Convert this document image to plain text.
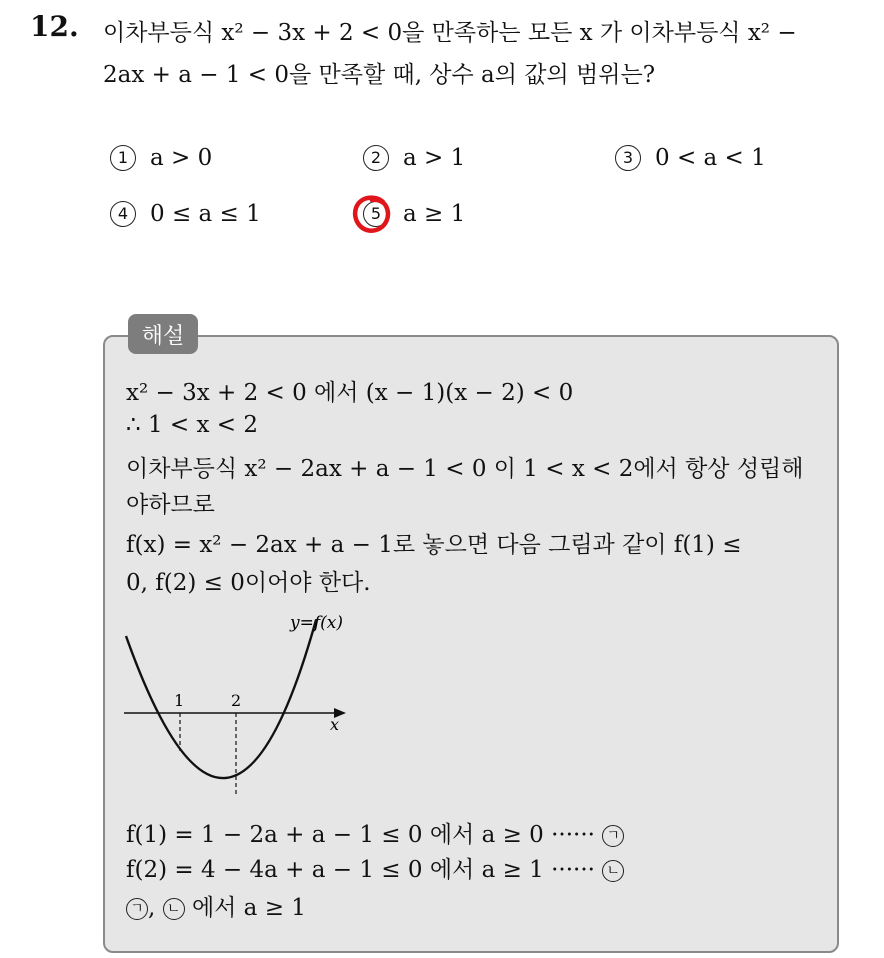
12. 이차부등식 x² − 3x + 2 < 0을 만족하는 모든 x 가 이차부등식 x² −
2ax + a − 1 < 0을 만족할 때, 상수 a의 값의 범위는?
1 a > 0	2 a > 1	3 0 < a < 1
4 0 ≤ a ≤ 1	5 a ≥ 1
해설
x² − 3x + 2 < 0 에서 (x − 1)(x − 2) < 0
∴ 1 < x < 2
이차부등식 x² − 2ax + a − 1 < 0 이 1 < x < 2에서 항상 성립해
야하므로
f(x) = x² − 2ax + a − 1로 놓으면 다음 그림과 같이 f(1) ≤
0, f(2) ≤ 0이어야 한다.
1	2
x
y=f(x)
f(1) = 1 − 2a + a − 1 ≤ 0 에서 a ≥ 0 ······ ㄱ
f(2) = 4 − 4a + a − 1 ≤ 0 에서 a ≥ 1 ······ ㄴ
ㄱ , ㄴ 에서 a ≥ 1
